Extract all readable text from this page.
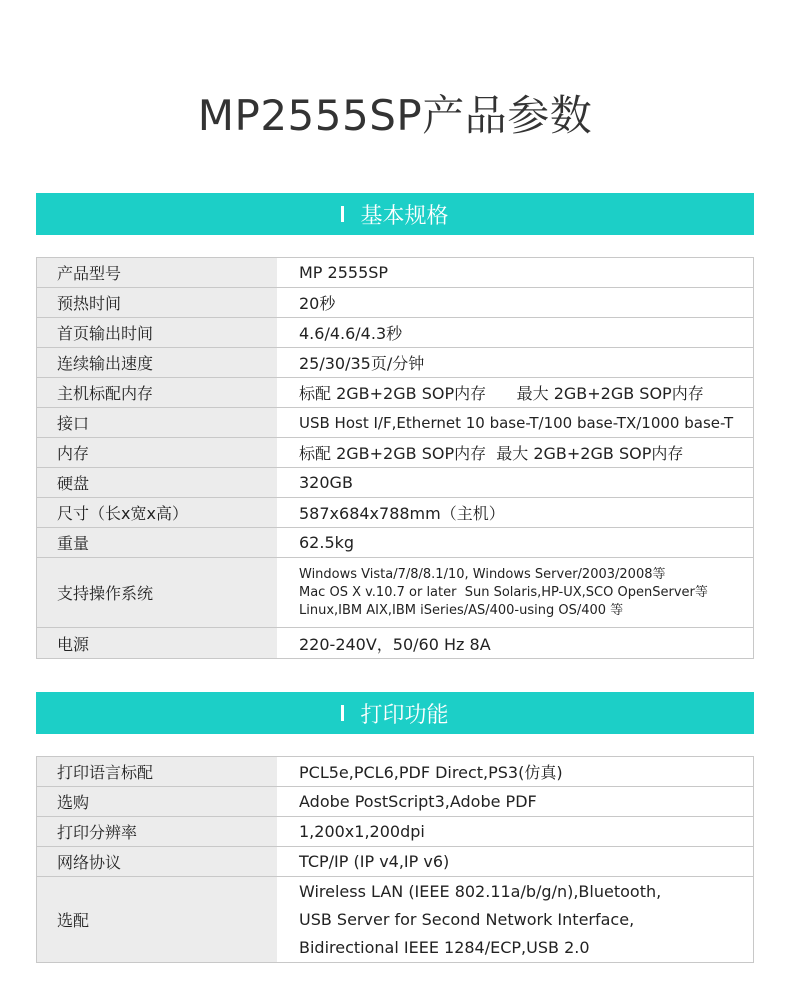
MP2555SP产品参数
基本规格
产品型号	MP 2555SP
预热时间	20秒
首页输出时间	4.6/4.6/4.3秒
连续输出速度	25/30/35页/分钟
主机标配内存	标配 2GB+2GB SOP内存      最大 2GB+2GB SOP内存
接口	USB Host I/F,Ethernet 10 base-T/100 base-TX/1000 base-T
内存	标配 2GB+2GB SOP内存  最大 2GB+2GB SOP内存
硬盘	320GB
尺寸（长x宽x高）	587x684x788mm（主机）
重量	62.5kg
支持操作系统	Windows Vista/7/8/8.1/10, Windows Server/2003/2008等
Mac OS X v.10.7 or later  Sun Solaris,HP-UX,SCO OpenServer等
Linux,IBM AIX,IBM iSeries/AS/400-using OS/400 等

电源	220-240V，50/60 Hz 8A
打印功能
打印语言标配	PCL5e,PCL6,PDF Direct,PS3(仿真)
选购	Adobe PostScript3,Adobe PDF
打印分辨率	1,200x1,200dpi
网络协议	TCP/IP (IP v4,IP v6)
选配	Wireless LAN (IEEE 802.11a/b/g/n),Bluetooth,
USB Server for Second Network Interface,
Bidirectional IEEE 1284/ECP,USB 2.0
